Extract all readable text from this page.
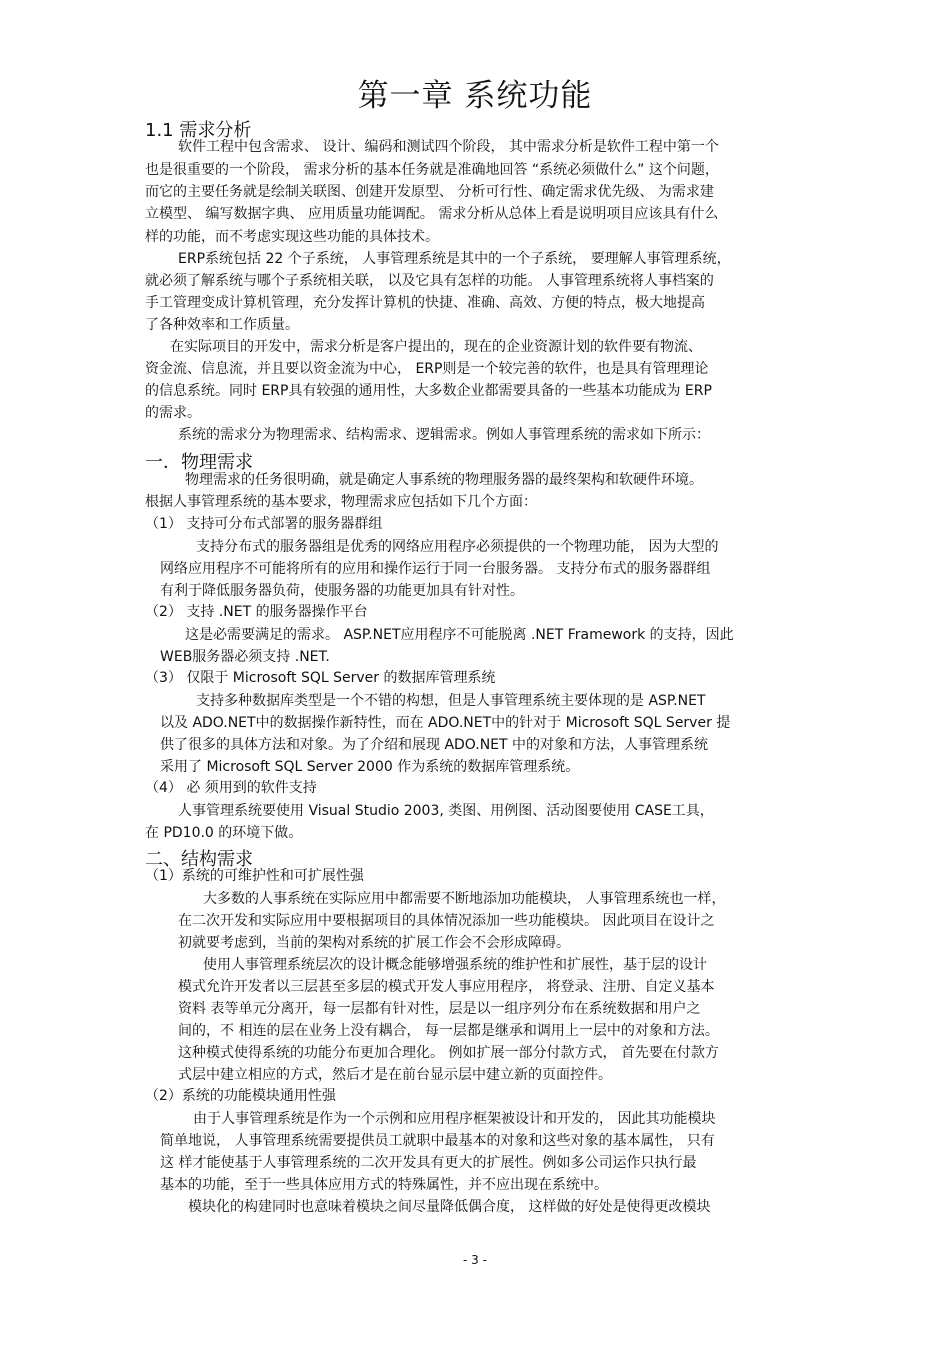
第一章 系统功能
1.1 需求分析
软件工程中包含需求、 设计、编码和测试四个阶段， 其中需求分析是软件工程中第一个
也是很重要的一个阶段， 需求分析的基本任务就是准确地回答 “系统必须做什么” 这个问题，
而它的主要任务就是绘制关联图、创建开发原型、 分析可行性、确定需求优先级、 为需求建
立模型、 编写数据字典、 应用质量功能调配。 需求分析从总体上看是说明项目应该具有什么
样的功能，而不考虑实现这些功能的具体技术。
ERP系统包括 22 个子系统， 人事管理系统是其中的一个子系统， 要理解人事管理系统，
就必须了解系统与哪个子系统相关联， 以及它具有怎样的功能。 人事管理系统将人事档案的
手工管理变成计算机管理，充分发挥计算机的快捷、准确、高效、方便的特点，极大地提高
了各种效率和工作质量。
在实际项目的开发中，需求分析是客户提出的，现在的企业资源计划的软件要有物流、
资金流、信息流，并且要以资金流为中心， ERP则是一个较完善的软件，也是具有管理理论
的信息系统。同时 ERP具有较强的通用性，大多数企业都需要具备的一些基本功能成为 ERP
的需求。
系统的需求分为物理需求、结构需求、逻辑需求。例如人事管理系统的需求如下所示：
一．物理需求
物理需求的任务很明确，就是确定人事系统的物理服务器的最终架构和软硬件环境。
根据人事管理系统的基本要求，物理需求应包括如下几个方面：
（1） 支持可分布式部署的服务器群组
支持分布式的服务器组是优秀的网络应用程序必须提供的一个物理功能， 因为大型的
网络应用程序不可能将所有的应用和操作运行于同一台服务器。 支持分布式的服务器群组
有利于降低服务器负荷，使服务器的功能更加具有针对性。
（2） 支持 .NET 的服务器操作平台
这是必需要满足的需求。 ASP.NET应用程序不可能脱离 .NET Framework 的支持，因此
WEB服务器必须支持 .NET.
（3） 仅限于 Microsoft SQL Server 的数据库管理系统
支持多种数据库类型是一个不错的构想，但是人事管理系统主要体现的是 ASP.NET
以及 ADO.NET中的数据操作新特性，而在 ADO.NET中的针对于 Microsoft SQL Server 提
供了很多的具体方法和对象。为了介绍和展现 ADO.NET 中的对象和方法，人事管理系统
采用了 Microsoft SQL Server 2000 作为系统的数据库管理系统。
（4） 必 须用到的软件支持
人事管理系统要使用 Visual Studio 2003, 类图、用例图、活动图要使用 CASE工具，
在 PD10.0 的环境下做。
二、结构需求
（1）系统的可维护性和可扩展性强
大多数的人事系统在实际应用中都需要不断地添加功能模块， 人事管理系统也一样，
在二次开发和实际应用中要根据项目的具体情况添加一些功能模块。 因此项目在设计之
初就要考虑到，当前的架构对系统的扩展工作会不会形成障碍。
使用人事管理系统层次的设计概念能够增强系统的维护性和扩展性，基于层的设计
模式允许开发者以三层甚至多层的模式开发人事应用程序， 将登录、注册、自定义基本
资料 表等单元分离开，每一层都有针对性，层是以一组序列分布在系统数据和用户之
间的，不 相连的层在业务上没有耦合， 每一层都是继承和调用上一层中的对象和方法。
这种模式使得系统的功能分布更加合理化。 例如扩展一部分付款方式， 首先要在付款方
式层中建立相应的方式，然后才是在前台显示层中建立新的页面控件。
（2）系统的功能模块通用性强
由于人事管理系统是作为一个示例和应用程序框架被设计和开发的， 因此其功能模块
简单地说， 人事管理系统需要提供员工就职中最基本的对象和这些对象的基本属性， 只有
这 样才能使基于人事管理系统的二次开发具有更大的扩展性。例如多公司运作只执行最
基本的功能，至于一些具体应用方式的特殊属性，并不应出现在系统中。
模块化的构建同时也意味着模块之间尽量降低偶合度， 这样做的好处是使得更改模块
- 3 -
